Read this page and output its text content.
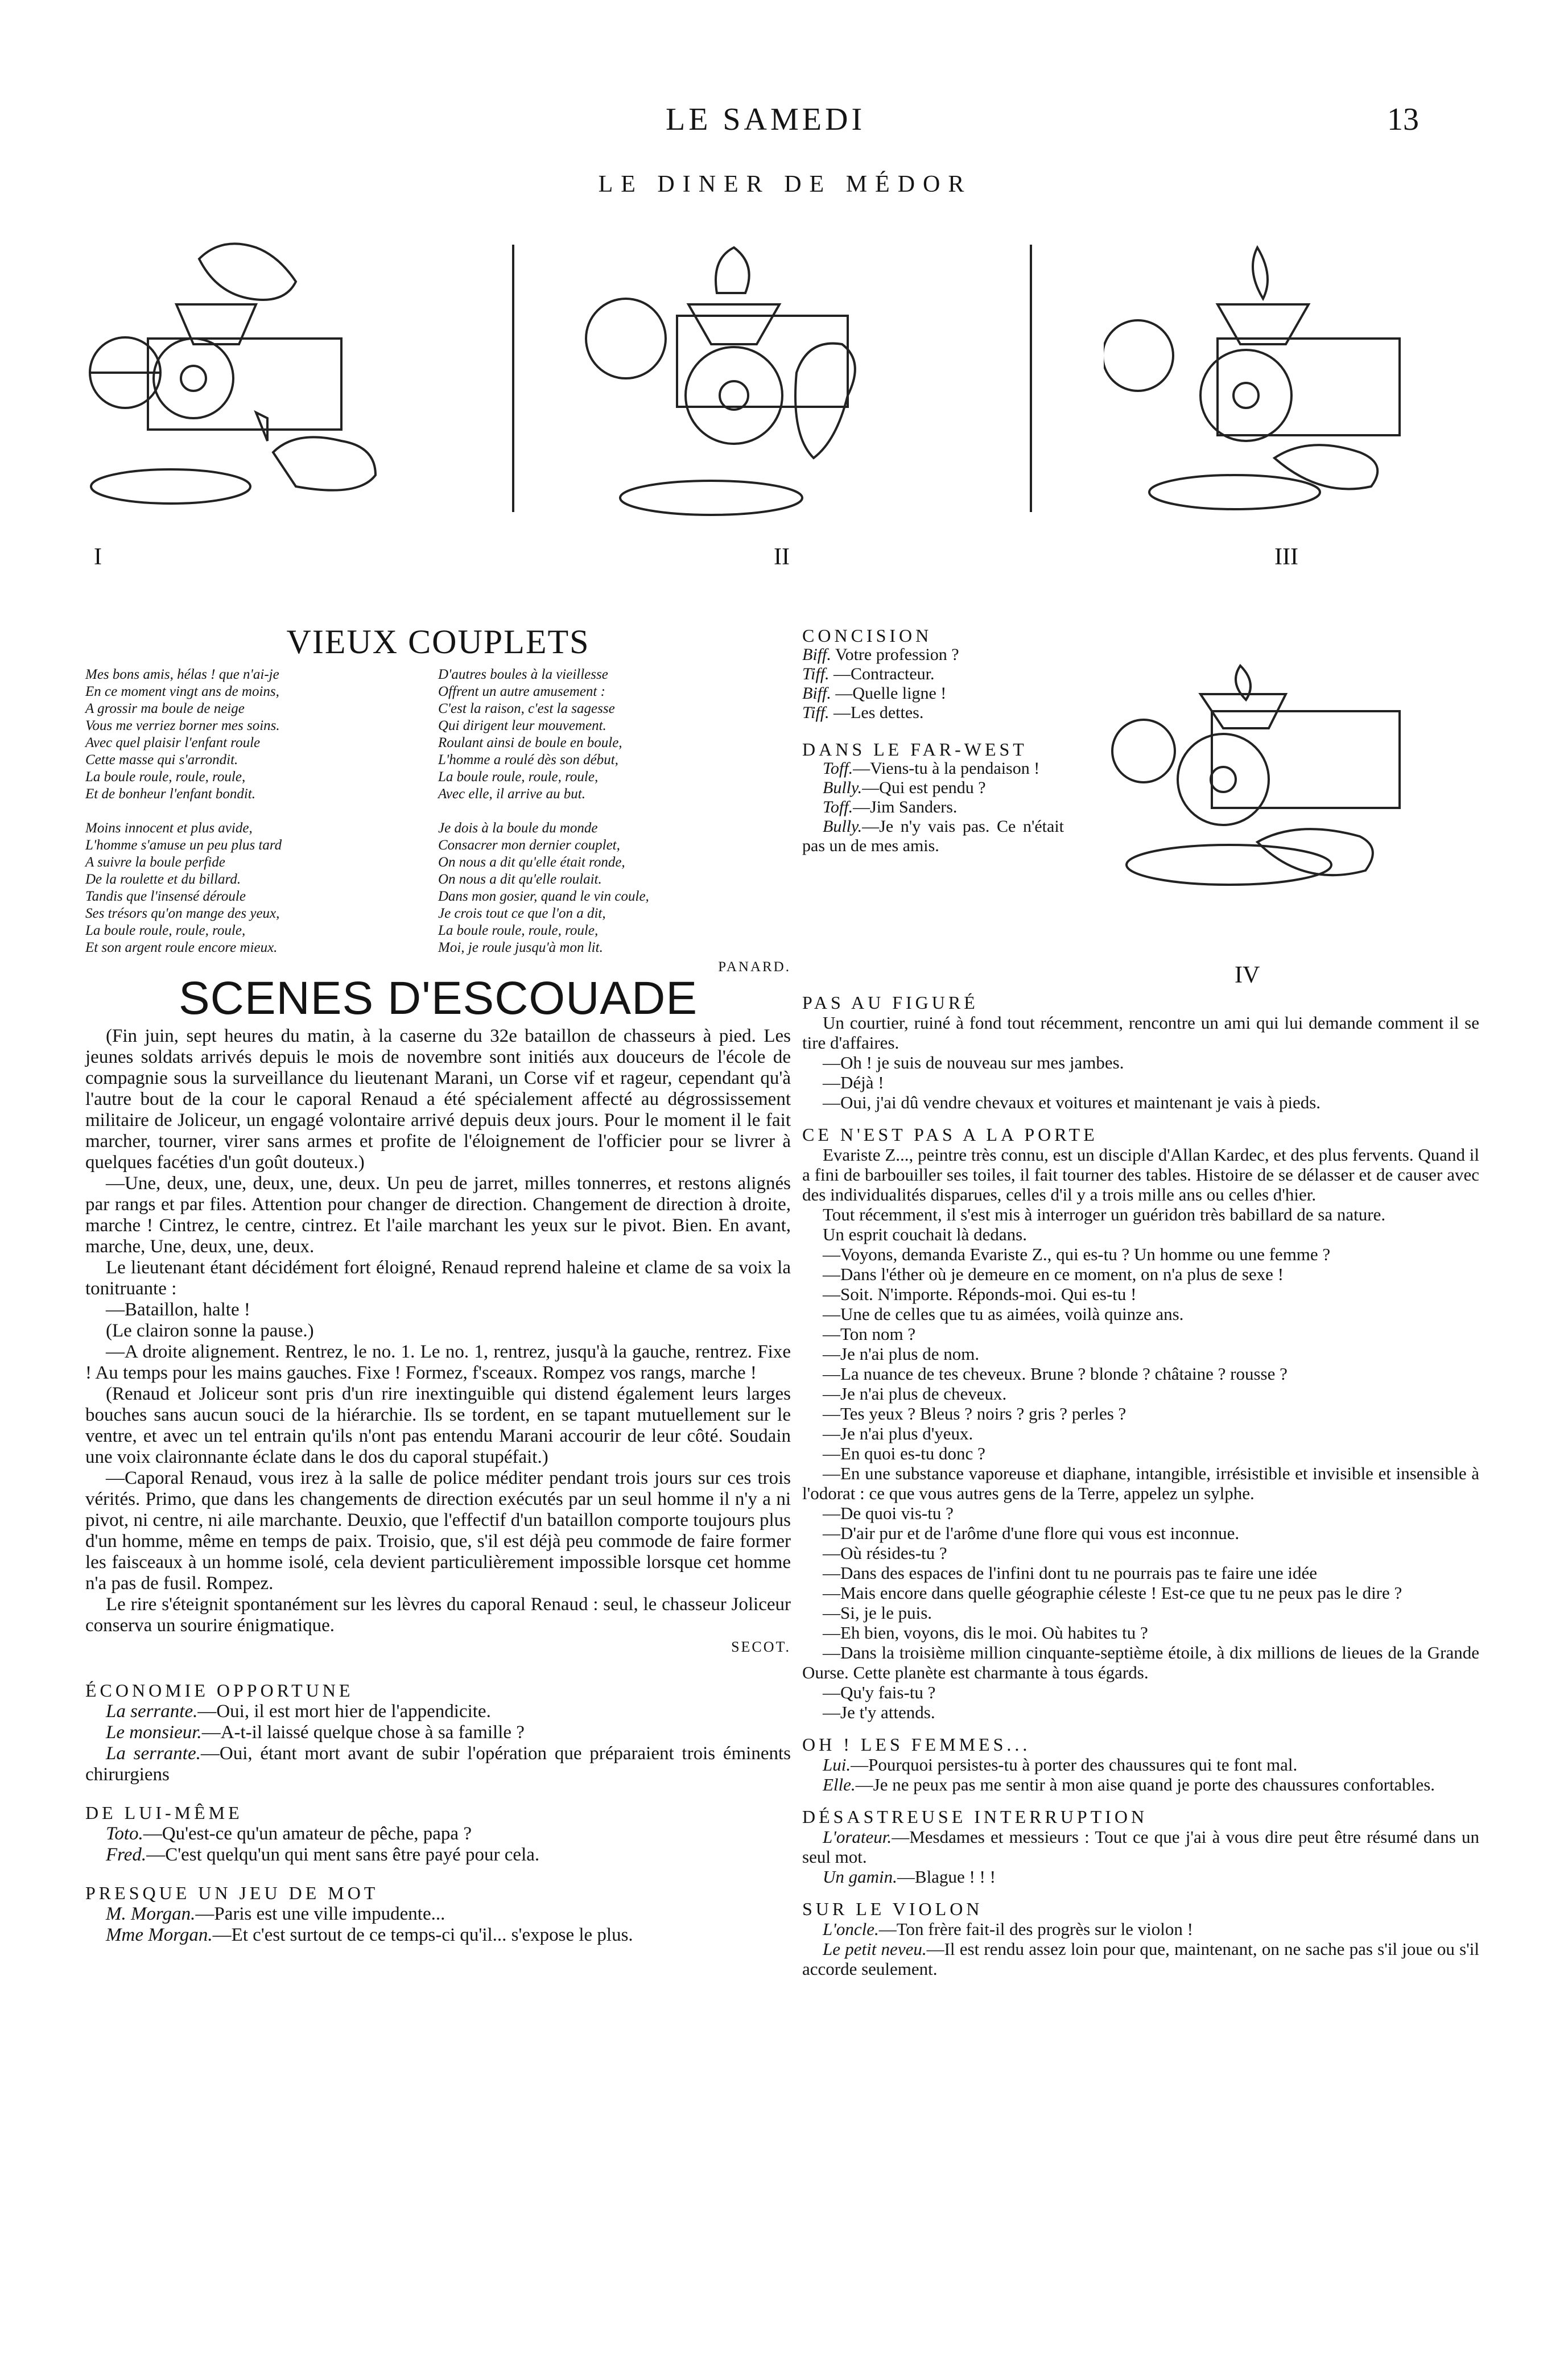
LE SAMEDI	13
LE DINER DE MÉDOR
I	II	III
VIEUX COUPLETS
Mes bons amis, hélas ! que n'ai-je
En ce moment vingt ans de moins,
A grossir ma boule de neige
Vous me verriez borner mes soins.
Avec quel plaisir l'enfant roule
Cette masse qui s'arrondit.
La boule roule, roule, roule,
Et de bonheur l'enfant bondit.
Moins innocent et plus avide,
L'homme s'amuse un peu plus tard
A suivre la boule perfide
De la roulette et du billard.
Tandis que l'insensé déroule
Ses trésors qu'on mange des yeux,
La boule roule, roule, roule,
Et son argent roule encore mieux.
D'autres boules à la vieillesse
Offrent un autre amusement :
C'est la raison, c'est la sagesse
Qui dirigent leur mouvement.
Roulant ainsi de boule en boule,
L'homme a roulé dès son début,
La boule roule, roule, roule,
Avec elle, il arrive au but.
Je dois à la boule du monde
Consacrer mon dernier couplet,
On nous a dit qu'elle était ronde,
On nous a dit qu'elle roulait.
Dans mon gosier, quand le vin coule,
Je crois tout ce que l'on a dit,
La boule roule, roule, roule,
Moi, je roule jusqu'à mon lit.
PANARD.
SCENES D'ESCOUADE

(Fin juin, sept heures du matin, à la caserne du 32e bataillon de chasseurs à pied. Les jeunes soldats arrivés depuis le mois de novembre sont initiés aux douceurs de l'école de compagnie sous la surveillance du lieutenant Marani, un Corse vif et rageur, cependant qu'à l'autre bout de la cour le caporal Renaud a été spécialement affecté au dégrossissement militaire de Joliceur, un engagé volontaire arrivé depuis deux jours. Pour le moment il le fait marcher, tourner, virer sans armes et profite de l'éloignement de l'officier pour se livrer à quelques facéties d'un goût douteux.)

—Une, deux, une, deux, une, deux. Un peu de jarret, milles tonnerres, et restons alignés par rangs et par files. Attention pour changer de direction. Changement de direction à droite, marche ! Cintrez, le centre, cintrez. Et l'aile marchant les yeux sur le pivot. Bien. En avant, marche, Une, deux, une, deux.

Le lieutenant étant décidément fort éloigné, Renaud reprend haleine et clame de sa voix la tonitruante :

—Bataillon, halte !

(Le clairon sonne la pause.)

—A droite alignement. Rentrez, le no. 1. Le no. 1, rentrez, jusqu'à la gauche, rentrez. Fixe ! Au temps pour les mains gauches. Fixe ! Formez, f'sceaux. Rompez vos rangs, marche !

(Renaud et Joliceur sont pris d'un rire inextinguible qui distend également leurs larges bouches sans aucun souci de la hiérarchie. Ils se tordent, en se tapant mutuellement sur le ventre, et avec un tel entrain qu'ils n'ont pas entendu Marani accourir de leur côté. Soudain une voix claironnante éclate dans le dos du caporal stupéfait.)

—Caporal Renaud, vous irez à la salle de police méditer pendant trois jours sur ces trois vérités. Primo, que dans les changements de direction exécutés par un seul homme il n'y a ni pivot, ni centre, ni aile marchante. Deuxio, que l'effectif d'un bataillon comporte toujours plus d'un homme, même en temps de paix. Troisio, que, s'il est déjà peu commode de faire former les faisceaux à un homme isolé, cela devient particulièrement impossible lorsque cet homme n'a pas de fusil. Rompez.

Le rire s'éteignit spontanément sur les lèvres du caporal Renaud : seul, le chasseur Joliceur conserva un sourire énigmatique.

SECOT.

ÉCONOMIE OPPORTUNE

La serrante.—Oui, il est mort hier de l'appendicite.

Le monsieur.—A-t-il laissé quelque chose à sa famille ?

La serrante.—Oui, étant mort avant de subir l'opération que préparaient trois éminents chirurgiens

DE LUI-MÊME

Toto.—Qu'est-ce qu'un amateur de pêche, papa ?

Fred.—C'est quelqu'un qui ment sans être payé pour cela.

PRESQUE UN JEU DE MOT

M. Morgan.—Paris est une ville impudente...

Mme Morgan.—Et c'est surtout de ce temps-ci qu'il... s'expose le plus.

CONCISION

Biff. Votre profession ?

Tiff. —Contracteur.

Biff. —Quelle ligne !

Tiff. —Les dettes.

DANS LE FAR-WEST

Toff.—Viens-tu à la pendaison !

Bully.—Qui est pendu ?

Toff.—Jim Sanders.

Bully.—Je n'y vais pas. Ce n'était pas un de mes amis.

IV

PAS AU FIGURÉ

Un courtier, ruiné à fond tout récemment, rencontre un ami qui lui demande comment il se tire d'affaires.

—Oh ! je suis de nouveau sur mes jambes.

—Déjà !

—Oui, j'ai dû vendre chevaux et voitures et maintenant je vais à pieds.

CE N'EST PAS A LA PORTE

Evariste Z..., peintre très connu, est un disciple d'Allan Kardec, et des plus fervents. Quand il a fini de barbouiller ses toiles, il fait tourner des tables. Histoire de se délasser et de causer avec des individualités disparues, celles d'il y a trois mille ans ou celles d'hier.

Tout récemment, il s'est mis à interroger un guéridon très babillard de sa nature.

Un esprit couchait là dedans.

—Voyons, demanda Evariste Z., qui es-tu ? Un homme ou une femme ?

—Dans l'éther où je demeure en ce moment, on n'a plus de sexe !

—Soit. N'importe. Réponds-moi. Qui es-tu !

—Une de celles que tu as aimées, voilà quinze ans.

—Ton nom ?

—Je n'ai plus de nom.

—La nuance de tes cheveux. Brune ? blonde ? châtaine ? rousse ?

—Je n'ai plus de cheveux.

—Tes yeux ? Bleus ? noirs ? gris ? perles ?

—Je n'ai plus d'yeux.

—En quoi es-tu donc ?

—En une substance vaporeuse et diaphane, intangible, irrésistible et invisible et insensible à l'odorat : ce que vous autres gens de la Terre, appelez un sylphe.

—De quoi vis-tu ?

—D'air pur et de l'arôme d'une flore qui vous est inconnue.

—Où résides-tu ?

—Dans des espaces de l'infini dont tu ne pourrais pas te faire une idée

—Mais encore dans quelle géographie céleste ! Est-ce que tu ne peux pas le dire ?

—Si, je le puis.

—Eh bien, voyons, dis le moi. Où habites tu ?

—Dans la troisième million cinquante-septième étoile, à dix millions de lieues de la Grande Ourse. Cette planète est charmante à tous égards.

—Qu'y fais-tu ?

—Je t'y attends.

OH ! LES FEMMES...

Lui.—Pourquoi persistes-tu à porter des chaussures qui te font mal.

Elle.—Je ne peux pas me sentir à mon aise quand je porte des chaussures confortables.

DÉSASTREUSE INTERRUPTION

L'orateur.—Mesdames et messieurs : Tout ce que j'ai à vous dire peut être résumé dans un seul mot.

Un gamin.—Blague ! ! !

SUR LE VIOLON

L'oncle.—Ton frère fait-il des progrès sur le violon !

Le petit neveu.—Il est rendu assez loin pour que, maintenant, on ne sache pas s'il joue ou s'il accorde seulement.
